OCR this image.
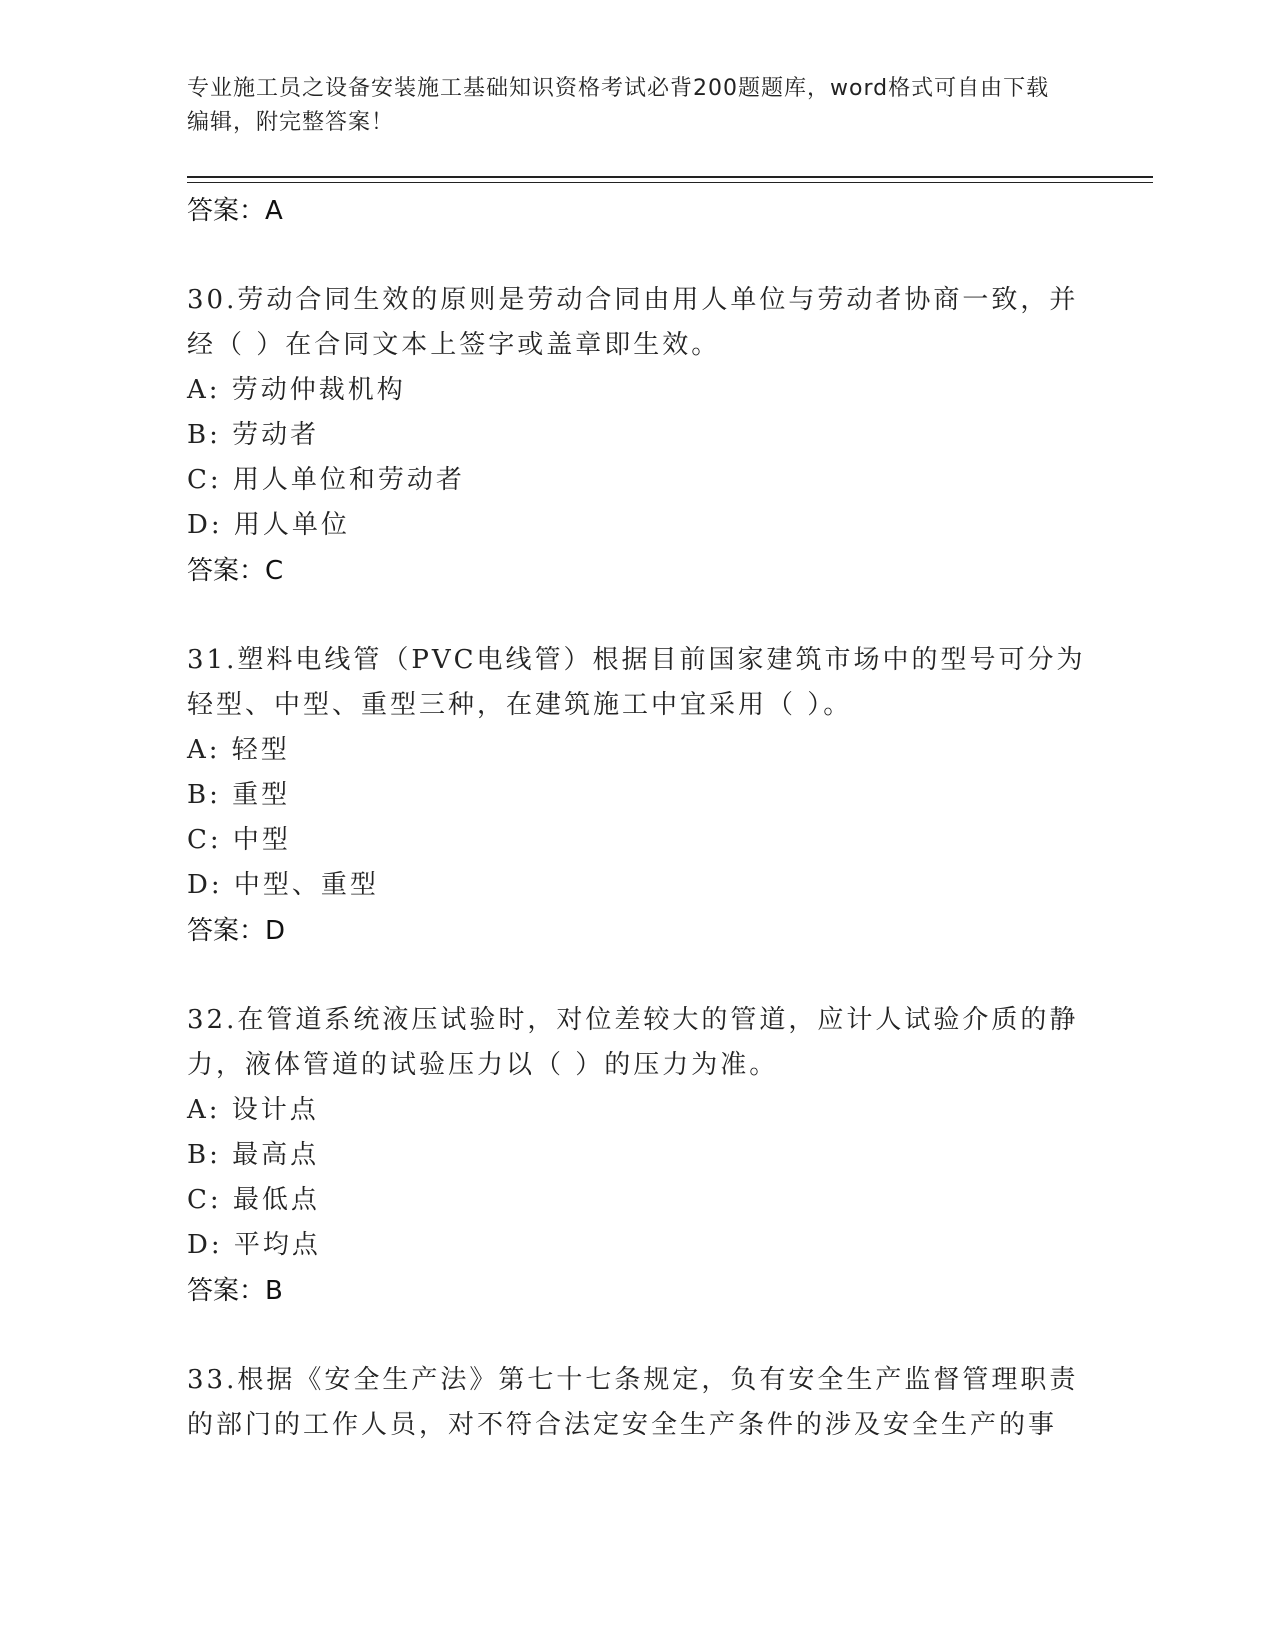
专业施工员之设备安装施工基础知识资格考试必背200题题库，word格式可自由下载编辑，附完整答案！
答案：A
30.劳动合同生效的原则是劳动合同由用人单位与劳动者协商一致，并经（ ）在合同文本上签字或盖章即生效。
A: 劳动仲裁机构
B: 劳动者
C: 用人单位和劳动者
D: 用人单位
答案：C
31.塑料电线管（PVC电线管）根据目前国家建筑市场中的型号可分为轻型、中型、重型三种，在建筑施工中宜采用（ ）。
A: 轻型
B: 重型
C: 中型
D: 中型、重型
答案：D
32.在管道系统液压试验时，对位差较大的管道，应计人试验介质的静力，液体管道的试验压力以（ ）的压力为准。
A: 设计点
B: 最高点
C: 最低点
D: 平均点
答案：B
33.根据《安全生产法》第七十七条规定，负有安全生产监督管理职责的部门的工作人员，对不符合法定安全生产条件的涉及安全生产的事
